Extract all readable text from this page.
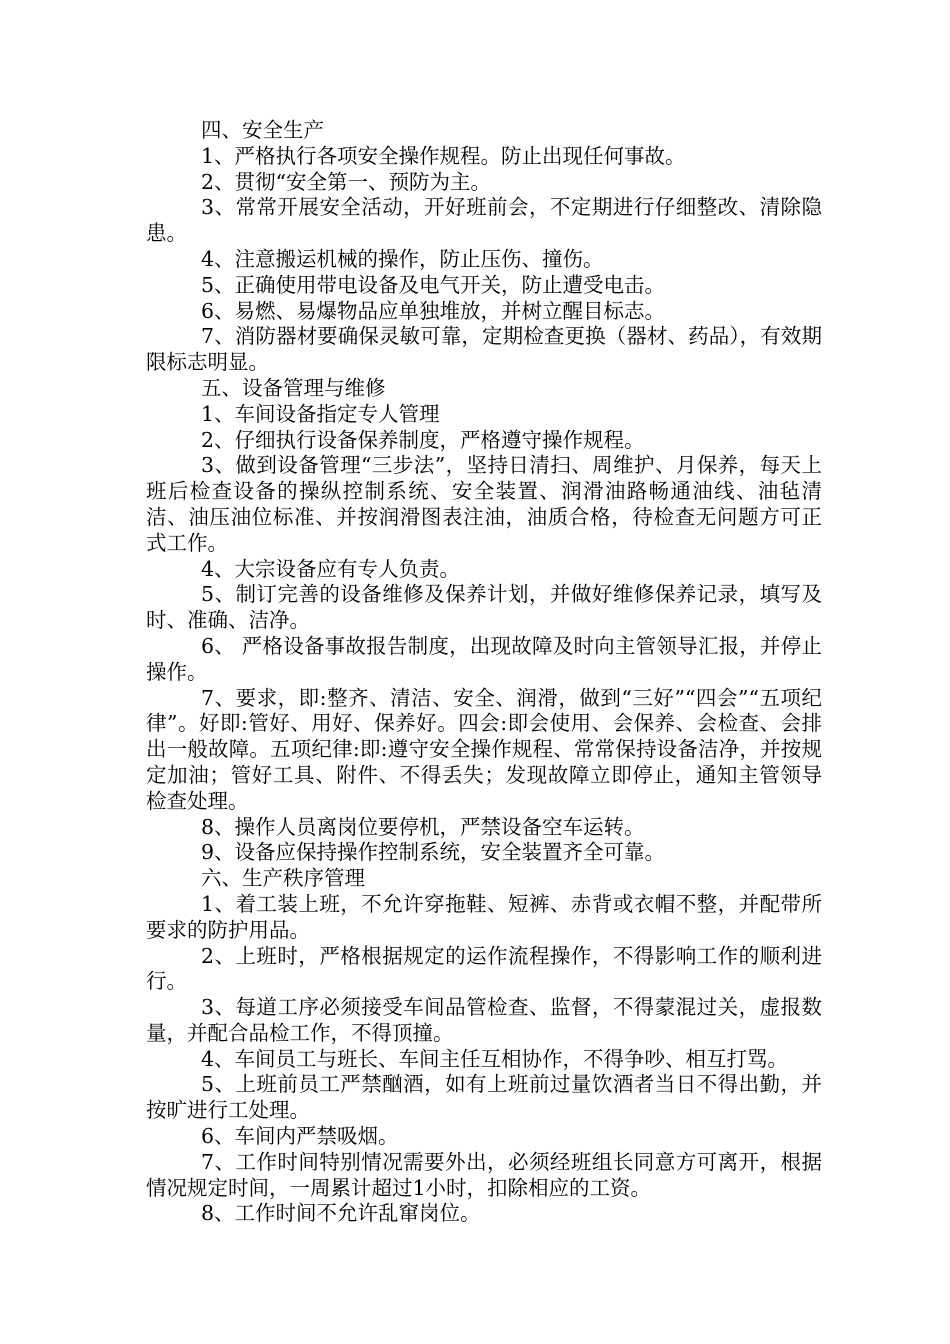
四、安全生产

1、严格执行各项安全操作规程。防止出现任何事故。

2、贯彻“安全第一、预防为主。

3、常常开展安全活动，开好班前会，不定期进行仔细整改、清除隐患。

4、注意搬运机械的操作，防止压伤、撞伤。

5、正确使用带电设备及电气开关，防止遭受电击。

6、易燃、易爆物品应单独堆放，并树立醒目标志。

7、消防器材要确保灵敏可靠，定期检查更换（器材、药品），有效期限标志明显。

五、设备管理与维修

1、车间设备指定专人管理

2、仔细执行设备保养制度，严格遵守操作规程。

3、做到设备管理“三步法”，坚持日清扫、周维护、月保养，每天上班后检查设备的操纵控制系统、安全装置、润滑油路畅通油线、油毡清洁、油压油位标准、并按润滑图表注油，油质合格，待检查无问题方可正式工作。

4、大宗设备应有专人负责。

5、制订完善的设备维修及保养计划，并做好维修保养记录，填写及时、准确、洁净。

6、 严格设备事故报告制度，出现故障及时向主管领导汇报，并停止操作。

7、要求，即:整齐、清洁、安全、润滑，做到“三好”“四会”“五项纪律”。好即:管好、用好、保养好。四会:即会使用、会保养、会检查、会排出一般故障。五项纪律:即:遵守安全操作规程、常常保持设备洁净，并按规定加油；管好工具、附件、不得丢失；发现故障立即停止，通知主管领导检查处理。

8、操作人员离岗位要停机，严禁设备空车运转。

9、设备应保持操作控制系统，安全装置齐全可靠。

六、生产秩序管理

1、着工装上班，不允许穿拖鞋、短裤、赤背或衣帽不整，并配带所要求的防护用品。

2、上班时，严格根据规定的运作流程操作，不得影响工作的顺利进行。

3、每道工序必须接受车间品管检查、监督，不得蒙混过关，虚报数量，并配合品检工作，不得顶撞。

4、车间员工与班长、车间主任互相协作，不得争吵、相互打骂。

5、上班前员工严禁酗酒，如有上班前过量饮酒者当日不得出勤，并按旷进行工处理。

6、车间内严禁吸烟。

7、工作时间特别情况需要外出，必须经班组长同意方可离开，根据情况规定时间，一周累计超过1小时，扣除相应的工资。

8、工作时间不允许乱窜岗位。
